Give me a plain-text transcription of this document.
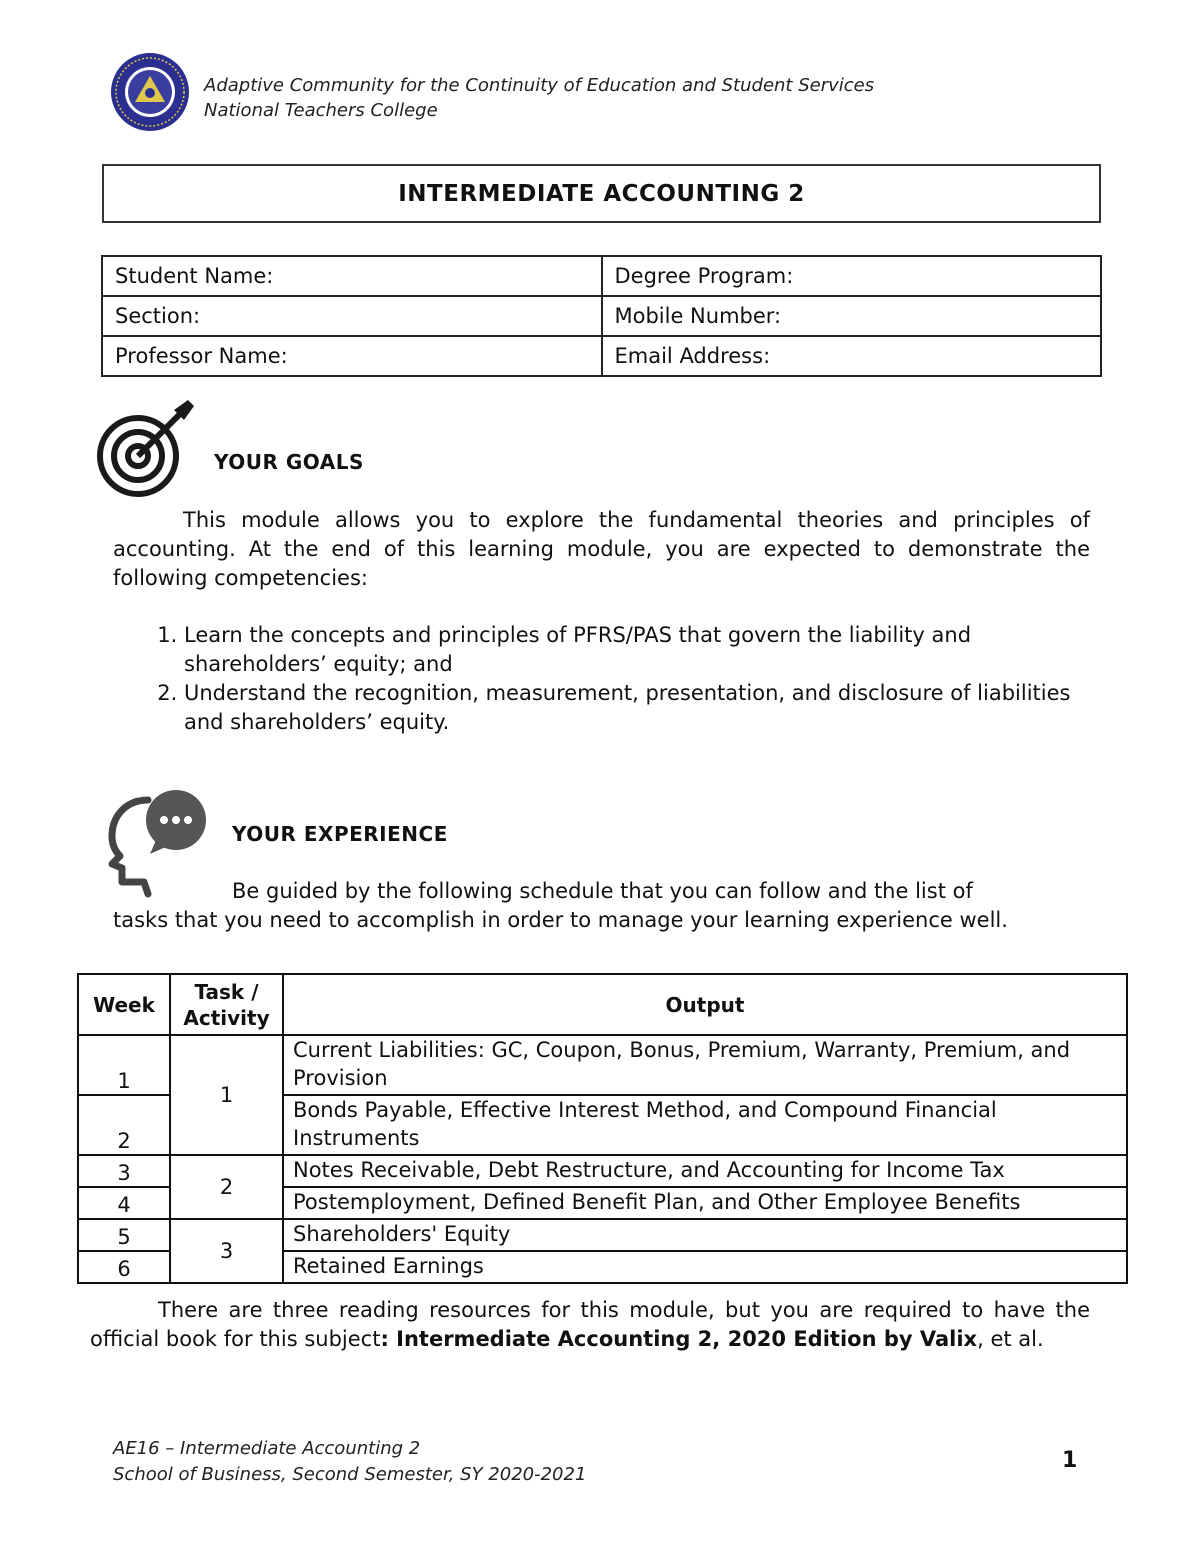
Adaptive Community for the Continuity of Education and Student Services
National Teachers College
INTERMEDIATE ACCOUNTING 2
Student Name:	Degree Program:
Section:	Mobile Number:
Professor Name:	Email Address:
YOUR GOALS
This module allows you to explore the fundamental theories and principles of accounting. At the end of this learning module, you are expected to demonstrate the following competencies:
1. Learn the concepts and principles of PFRS/PAS that govern the liability and shareholders’ equity; and
2. Understand the recognition, measurement, presentation, and disclosure of liabilities and shareholders’ equity.
YOUR EXPERIENCE
Be guided by the following schedule that you can follow and the list of
tasks that you need to accomplish in order to manage your learning experience well.
Week	Task / Activity	Output
1	1	Current Liabilities: GC, Coupon, Bonus, Premium, Warranty, Premium, and Provision
2		Bonds Payable, Effective Interest Method, and Compound Financial Instruments
3	2	Notes Receivable, Debt Restructure, and Accounting for Income Tax
4		Postemployment, Defined Benefit Plan, and Other Employee Benefits
5	3	Shareholders' Equity
6		Retained Earnings
There are three reading resources for this module, but you are required to have the official book for this subject: Intermediate Accounting 2, 2020 Edition by Valix, et al.
AE16 – Intermediate Accounting 2
School of Business, Second Semester, SY 2020-2021
1
